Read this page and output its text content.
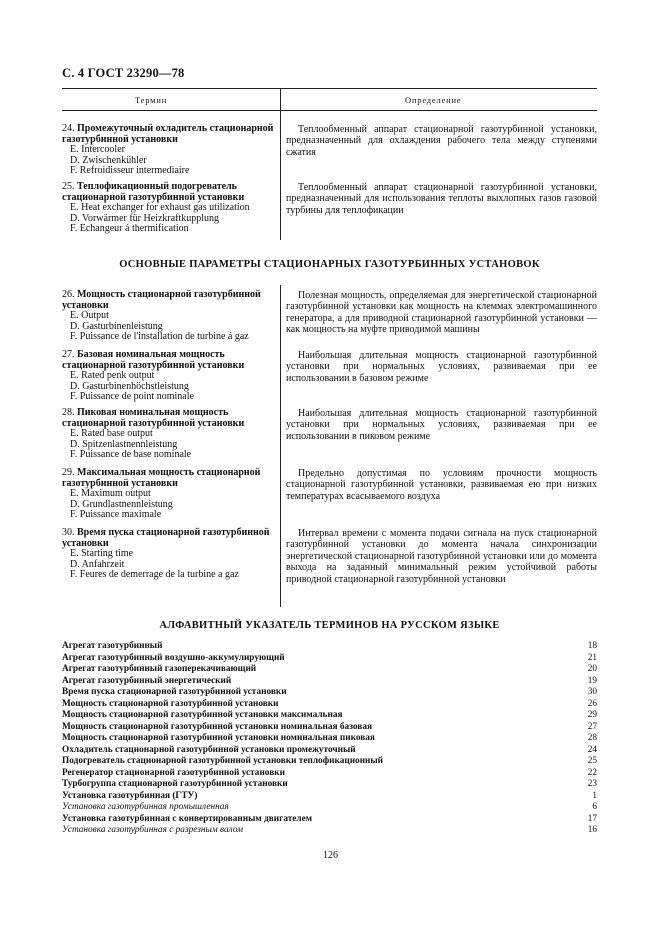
С. 4 ГОСТ 23290—78
Термин	Определение
24. Промежуточный охладитель стационарной газотурбинной установки
E. Intercooler
D. Zwischenkühler
F. Refroidisseur intermediaire
Теплообменный аппарат стационарной газотурбинной установки, предназначенный для охлаждения рабочего тела между ступенями сжатия
25. Теплофикационный подогреватель стационарной газотурбинной установки
E. Heat exchanger for exhaust gas utilization
D. Vorwärmer für Heizkraftkupplung
F. Echangeur á thermification
Теплообменный аппарат стационарной газотурбинной установки, предназначенный для использования теплоты выхлопных газов газовой турбины для теплофикации
ОСНОВНЫЕ ПАРАМЕТРЫ СТАЦИОНАРНЫХ ГАЗОТУРБИННЫХ УСТАНОВОК
26. Мощность стационарной газотурбинной установки
E. Output
D. Gasturbinenleistung
F. Puissance de l'installation de turbine á gaz
Полезная мощность, определяемая для энергетической стационарной газотурбинной установки как мощность на клеммах электромашинного генератора, а для приводной стационарной газотурбинной установки — как мощность на муфте приводимой машины
27. Базовая номинальная мощность стационарной газотурбинной установки
E. Rated penk output
D. Gasturbinenhöchstleistung
F. Puissance de point nominale
Наибольшая длительная мощность стационарной газотурбинной установки при нормальных условиях, развиваемая при ее использовании в базовом режиме
28. Пиковая номинальная мощность стационарной газотурбинной установки
E. Rated base output
D. Spitzenlastnennleistung
F. Puissance de base nominale
Наибольшая длительная мощность стационарной газотурбинной установки при нормальных условиях, развиваемая при ее использовании в пиковом режиме
29. Максимальная мощность стационарной газотурбинной установки
E. Maximum output
D. Grundlastnennleistung
F. Puissance maximale
Предельно допустимая по условиям прочности мощность стационарной газотурбинной установки, развиваемая ею при низких температурах всасываемого воздуха
30. Время пуска стационарной газотурбинной установки
E. Starting time
D. Anfahrzeit
F. Feures de demerrage de la turbine a gaz
Интервал времени с момента подачи сигнала на пуск стационарной газотурбинной установки до момента начала синхронизации энергетической стационарной газотурбинной установки или до момента выхода на заданный минимальный режим устойчивой работы приводной стационарной газотурбинной установки
АЛФАВИТНЫЙ УКАЗАТЕЛЬ ТЕРМИНОВ НА РУССКОМ ЯЗЫКЕ
Агрегат газотурбинный	18
Агрегат газотурбинный воздушно-аккумулирующий	21
Агрегат газотурбинный газоперекачивающий	20
Агрегат газотурбинный энергетический	19
Время пуска стационарной газотурбинной установки	30
Мощность стационарной газотурбинной установки	26
Мощность стационарной газотурбинной установки максимальная	29
Мощность стационарной газотурбинной установки номинальная базовая	27
Мощность стационарной газотурбинной установки номинальная пиковая	28
Охладитель стационарной газотурбинной установки промежуточный	24
Подогреватель стационарной газотурбинной установки теплофикационный	25
Регенератор стационарной газотурбинной установки	22
Турбогруппа стационарной газотурбинной установки	23
Установка газотурбинная (ГТУ)	1
Установка газотурбинная промышленная	6
Установка газотурбинная с конвертированным двигателем	17
Установка газотурбинная с разрезным валом	16
126
